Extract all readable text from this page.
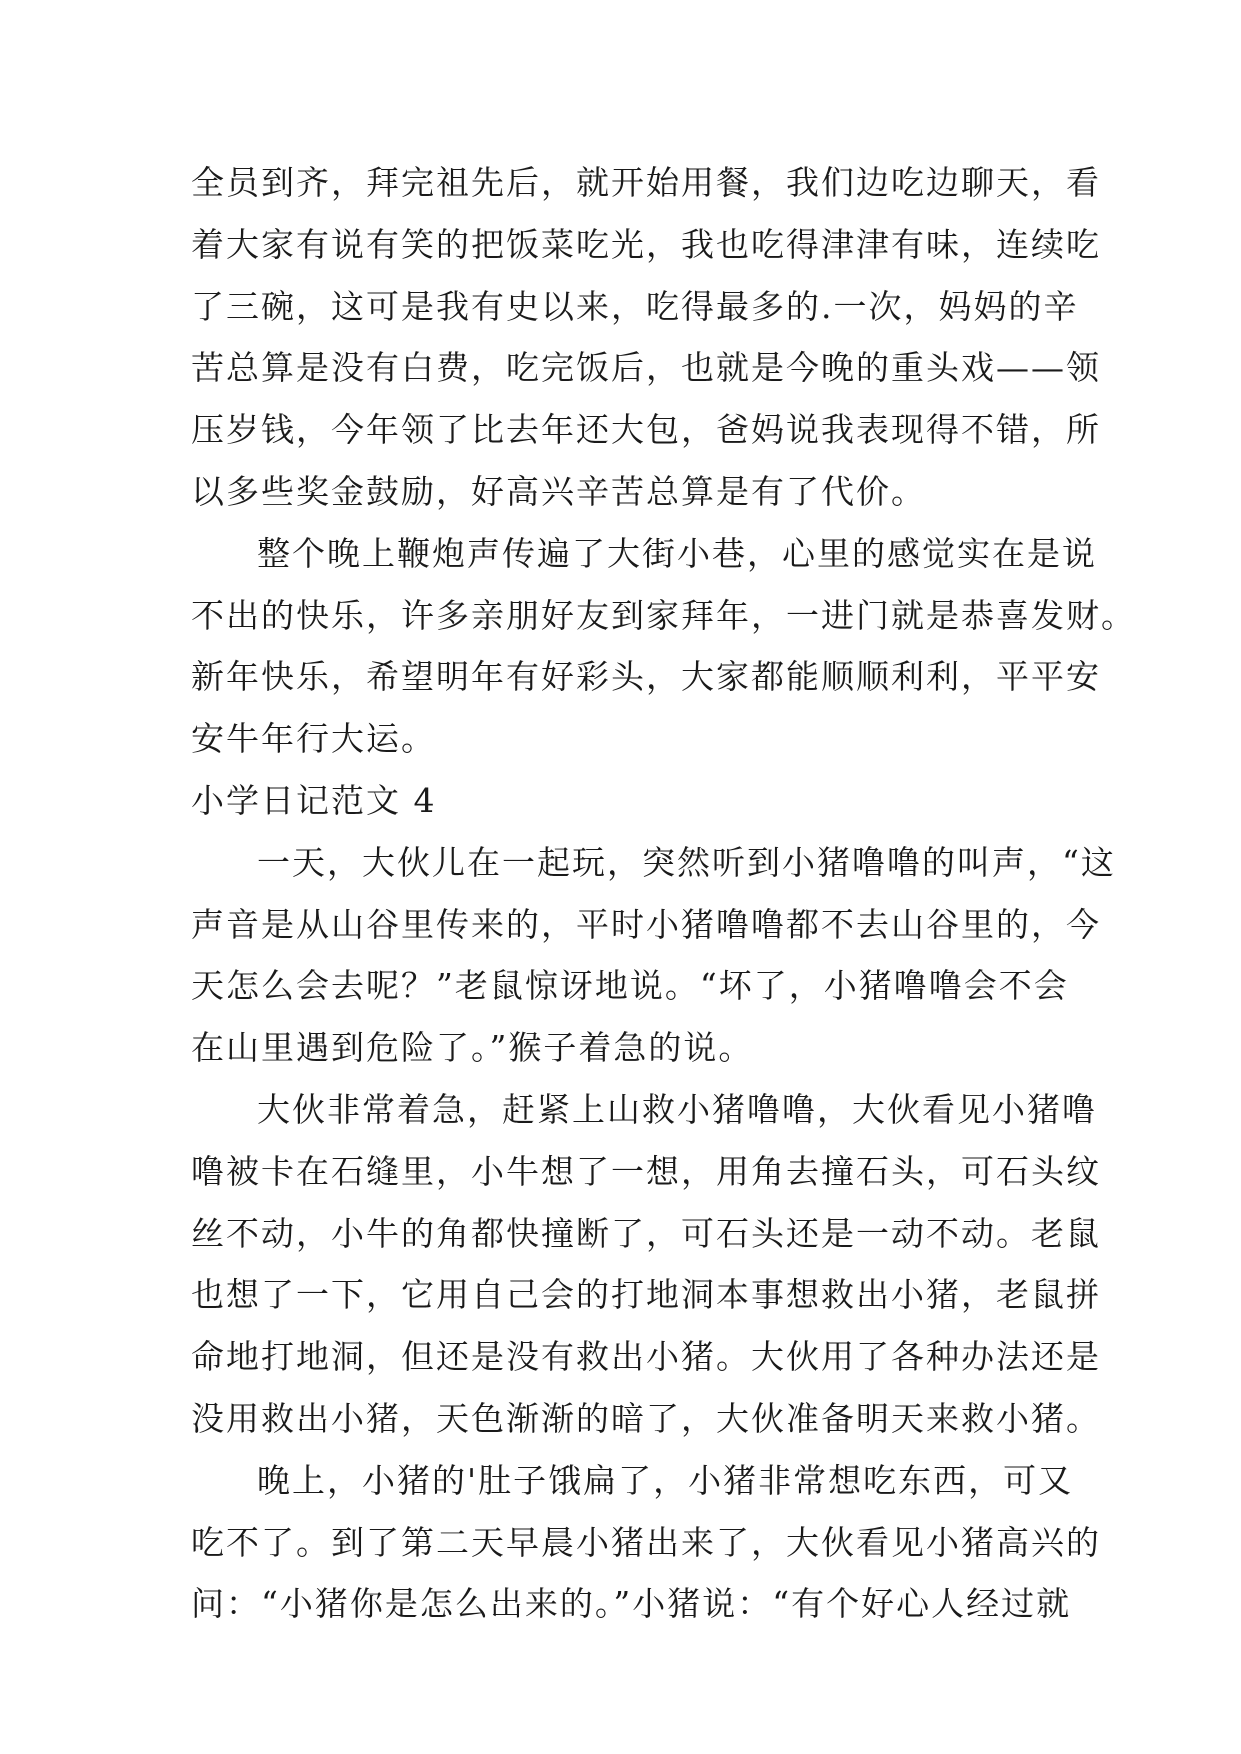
全员到齐，拜完祖先后，就开始用餐，我们边吃边聊天，看
着大家有说有笑的把饭菜吃光，我也吃得津津有味，连续吃
了三碗，这可是我有史以来，吃得最多的.一次，妈妈的辛
苦总算是没有白费，吃完饭后，也就是今晚的重头戏——领
压岁钱，今年领了比去年还大包，爸妈说我表现得不错，所
以多些奖金鼓励，好高兴辛苦总算是有了代价。
整个晚上鞭炮声传遍了大街小巷，心里的感觉实在是说
不出的快乐，许多亲朋好友到家拜年，一进门就是恭喜发财。
新年快乐，希望明年有好彩头，大家都能顺顺利利，平平安
安牛年行大运。
小学日记范文 4
一天，大伙儿在一起玩，突然听到小猪噜噜的叫声，“这
声音是从山谷里传来的，平时小猪噜噜都不去山谷里的，今
天怎么会去呢？”老鼠惊讶地说。“坏了，小猪噜噜会不会
在山里遇到危险了。”猴子着急的说。
大伙非常着急，赶紧上山救小猪噜噜，大伙看见小猪噜
噜被卡在石缝里，小牛想了一想，用角去撞石头，可石头纹
丝不动，小牛的角都快撞断了，可石头还是一动不动。老鼠
也想了一下，它用自己会的打地洞本事想救出小猪，老鼠拼
命地打地洞，但还是没有救出小猪。大伙用了各种办法还是
没用救出小猪，天色渐渐的暗了，大伙准备明天来救小猪。
晚上，小猪的'肚子饿扁了，小猪非常想吃东西，可又
吃不了。到了第二天早晨小猪出来了，大伙看见小猪高兴的
问：“小猪你是怎么出来的。”小猪说：“有个好心人经过就
